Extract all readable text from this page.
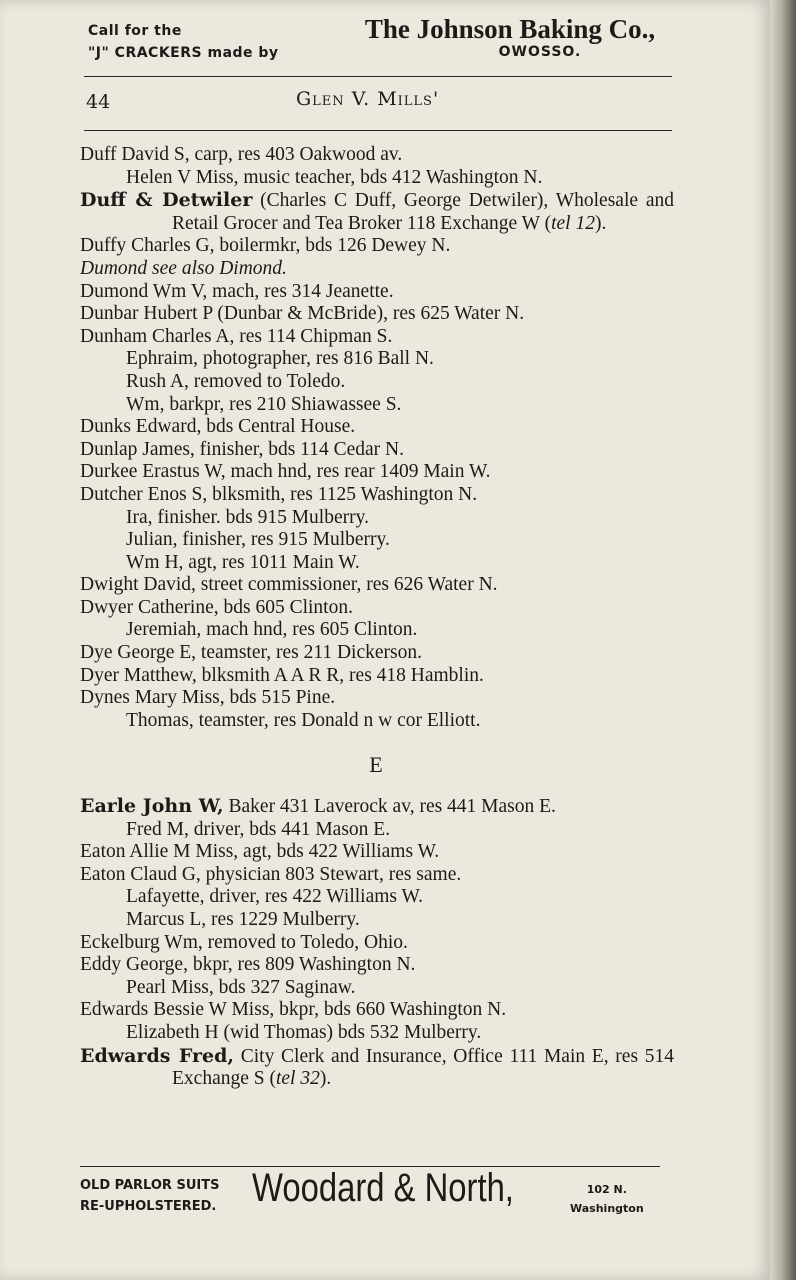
Call for the
"J" CRACKERS made by
The Johnson Baking Co.,
OWOSSO.
44	Glen V. Mills'

Duff David S, carp, res 403 Oakwood av.

Helen V Miss, music teacher, bds 412 Washington N.

Duff & Detwiler (Charles C Duff, George Detwiler), Wholesale and Retail Grocer and Tea Broker 118 Exchange W (tel 12).

Duffy Charles G, boilermkr, bds 126 Dewey N.

Dumond see also Dimond.

Dumond Wm V, mach, res 314 Jeanette.

Dunbar Hubert P (Dunbar & McBride), res 625 Water N.

Dunham Charles A, res 114 Chipman S.

Ephraim, photographer, res 816 Ball N.

Rush A, removed to Toledo.

Wm, barkpr, res 210 Shiawassee S.

Dunks Edward, bds Central House.

Dunlap James, finisher, bds 114 Cedar N.

Durkee Erastus W, mach hnd, res rear 1409 Main W.

Dutcher Enos S, blksmith, res 1125 Washington N.

Ira, finisher. bds 915 Mulberry.

Julian, finisher, res 915 Mulberry.

Wm H, agt, res 1011 Main W.

Dwight David, street commissioner, res 626 Water N.

Dwyer Catherine, bds 605 Clinton.

Jeremiah, mach hnd, res 605 Clinton.

Dye George E, teamster, res 211 Dickerson.

Dyer Matthew, blksmith A A R R, res 418 Hamblin.

Dynes Mary Miss, bds 515 Pine.

Thomas, teamster, res Donald n w cor Elliott.

E

Earle John W, Baker 431 Laverock av, res 441 Mason E.

Fred M, driver, bds 441 Mason E.

Eaton Allie M Miss, agt, bds 422 Williams W.

Eaton Claud G, physician 803 Stewart, res same.

Lafayette, driver, res 422 Williams W.

Marcus L, res 1229 Mulberry.

Eckelburg Wm, removed to Toledo, Ohio.

Eddy George, bkpr, res 809 Washington N.

Pearl Miss, bds 327 Saginaw.

Edwards Bessie W Miss, bkpr, bds 660 Washington N.

Elizabeth H (wid Thomas) bds 532 Mulberry.

Edwards Fred, City Clerk and Insurance, Office 111 Main E, res 514 Exchange S (tel 32).

OLD PARLOR SUITS
RE-UPHOLSTERED. Woodard & North,	102 N.
Washington
